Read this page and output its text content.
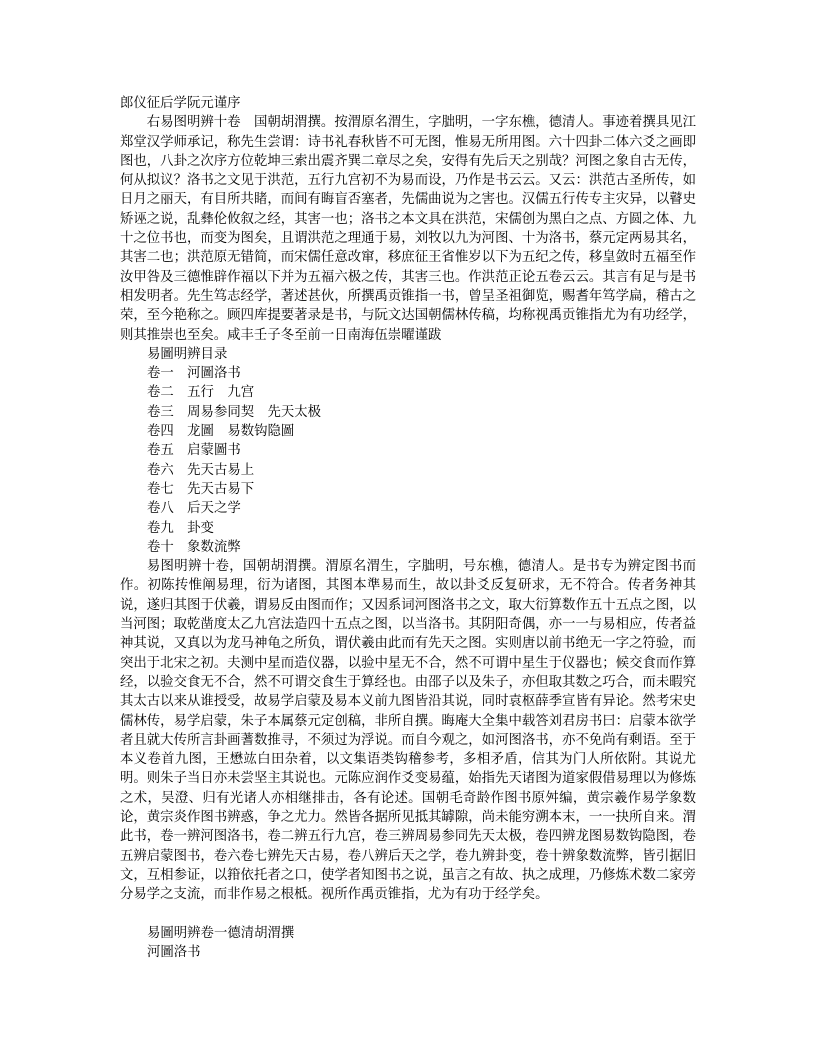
郎仪征后学阮元谨序

右易图明辨十卷　国朝胡渭撰。按渭原名渭生，字朏明，一字东樵，德清人。事迹着撰具见江郑堂汉学师承记，称先生尝谓：诗书礼春秋皆不可无图，惟易无所用图。六十四卦二体六爻之画即图也，八卦之次序方位乾坤三索出震齐巽二章尽之矣，安得有先后天之别哉？河图之象自古无传，何从拟议？洛书之文见于洪范，五行九宫初不为易而设，乃作是书云云。又云：洪范古圣所传，如日月之丽天，有目所共睹，而间有晦盲否塞者，先儒曲说为之害也。汉儒五行传专主灾异，以瞽史矫诬之说，乱彝伦攸叙之经，其害一也；洛书之本文具在洪范，宋儒创为黑白之点、方圆之体、九十之位书也，而变为图矣，且谓洪范之理通于易，刘牧以九为河图、十为洛书，蔡元定两易其名，其害二也；洪范原无错简，而宋儒任意改窜，移庶征王省惟岁以下为五纪之传，移皇敛时五福至作汝甲咎及三德惟辟作福以下并为五福六极之传，其害三也。作洪范正论五卷云云。其言有足与是书相发明者。先生笃志经学，著述甚伙，所撰禹贡锥指一书，曾呈圣祖御览，赐耆年笃学扁，稽古之荣，至今艳称之。顾四库提要著录是书，与阮文达国朝儒林传稿，均称视禹贡锥指尤为有功经学，则其推崇也至矣。咸丰壬子冬至前一日南海伍崇曜谨跋

易圖明辨目录
卷一　河圖洛书
卷二　五行　九宫
卷三　周易参同契　先天太极
卷四　龙圖　易数钩隐圖
卷五　启蒙圖书
卷六　先天古易上
卷七　先天古易下
卷八　后天之学
卷九　卦变
卷十　象数流弊

易图明辨十卷，国朝胡渭撰。渭原名渭生，字朏明，号东樵，德清人。是书专为辨定图书而作。初陈抟惟阐易理，衍为诸图，其图本準易而生，故以卦爻反复研求，无不符合。传者务神其说，遂归其图于伏羲，谓易反由图而作；又因系词河图洛书之文，取大衍算数作五十五点之图，以当河图；取乾凿度太乙九宫法造四十五点之图，以当洛书。其阴阳奇偶，亦一一与易相应，传者益神其说，又真以为龙马神龟之所负，谓伏羲由此而有先天之图。实则唐以前书绝无一字之符验，而突出于北宋之初。夫测中星而造仪器，以验中星无不合，然不可谓中星生于仪器也；候交食而作算经，以验交食无不合，然不可谓交食生于算经也。由邵子以及朱子，亦但取其数之巧合，而未暇究其太古以来从谁授受，故易学启蒙及易本义前九图皆沿其说，同时袁枢薛季宣皆有异论。然考宋史儒林传，易学启蒙，朱子本属蔡元定创稿，非所自撰。晦庵大全集中载答刘君房书曰：启蒙本欲学者且就大传所言卦画蓍数推寻，不须过为浮说。而自今观之，如河图洛书，亦不免尚有剩语。至于本义卷首九图，王懋竑白田杂着，以文集语类钩稽参考，多相矛盾，信其为门人所依附。其说尤明。则朱子当日亦未尝坚主其说也。元陈应润作爻变易蕴，始指先天诸图为道家假借易理以为修炼之术，吴澄、归有光诸人亦相继排击，各有论述。国朝毛奇龄作图书原舛编，黄宗羲作易学象数论，黄宗炎作图书辨惑，争之尤力。然皆各据所见抵其罅隙，尚未能穷溯本末，一一抉所自来。渭此书，卷一辨河图洛书，卷二辨五行九宫，卷三辨周易参同先天太极，卷四辨龙图易数钩隐图，卷五辨启蒙图书，卷六卷七辨先天古易，卷八辨后天之学，卷九辨卦变，卷十辨象数流弊，皆引据旧文，互相参证，以箝依托者之口，使学者知图书之说，虽言之有故、执之成理，乃修炼术数二家旁分易学之支流，而非作易之根柢。视所作禹贡锥指，尤为有功于经学矣。

易圖明辨卷一德清胡渭撰
河圖洛书
